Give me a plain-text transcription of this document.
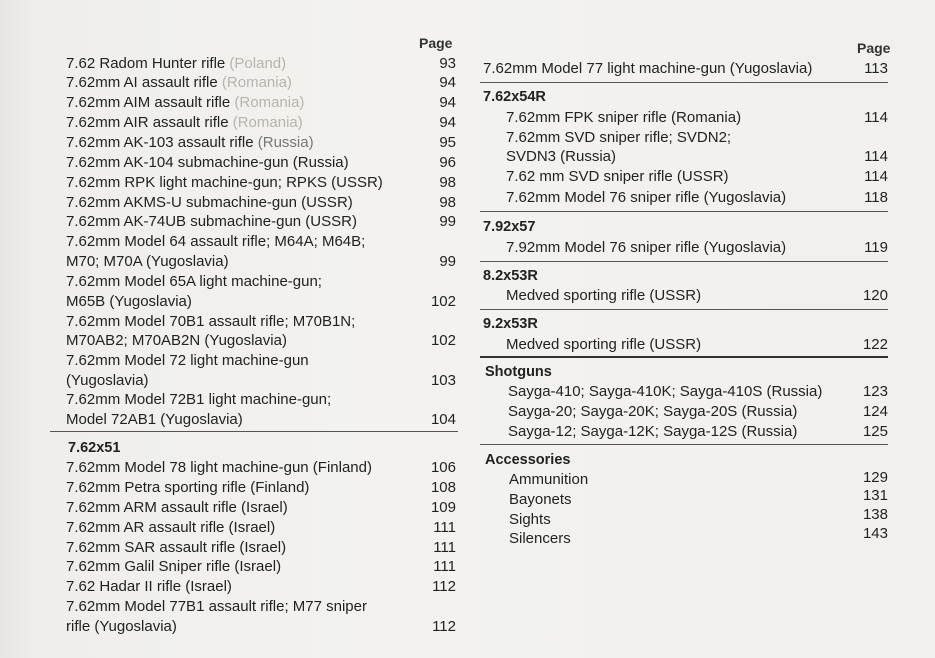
Page
7.62 Radom Hunter rifle (Poland)	93
7.62mm AI assault rifle (Romania)	94
7.62mm AIM assault rifle (Romania)	94
7.62mm AIR assault rifle (Romania)	94
7.62mm AK-103 assault rifle (Russia)	95
7.62mm AK-104 submachine-gun (Russia)	96
7.62mm RPK light machine-gun; RPKS (USSR)	98
7.62mm AKMS-U submachine-gun (USSR)	98
7.62mm AK-74UB submachine-gun (USSR)	99
7.62mm Model 64 assault rifle; M64A; M64B;
M70; M70A (Yugoslavia)	99
7.62mm Model 65A light machine-gun;
M65B (Yugoslavia)	102
7.62mm Model 70B1 assault rifle; M70B1N;
M70AB2; M70AB2N (Yugoslavia)	102
7.62mm Model 72 light machine-gun
(Yugoslavia)	103
7.62mm Model 72B1 light machine-gun;
Model 72AB1 (Yugoslavia)	104
7.62x51
7.62mm Model 78 light machine-gun (Finland)	106
7.62mm Petra sporting rifle (Finland)	108
7.62mm ARM assault rifle (Israel)	109
7.62mm AR assault rifle (Israel)	111
7.62mm SAR assault rifle (Israel)	111
7.62mm Galil Sniper rifle (Israel)	111
7.62 Hadar II rifle (Israel)	112
7.62mm Model 77B1 assault rifle; M77 sniper
rifle (Yugoslavia)	112
Page
7.62mm Model 77 light machine-gun (Yugoslavia)	113
7.62x54R
7.62mm FPK sniper rifle (Romania)	114
7.62mm SVD sniper rifle; SVDN2;
SVDN3 (Russia)	114
7.62 mm SVD sniper rifle (USSR)	114
7.62mm Model 76 sniper rifle (Yugoslavia)	118
7.92x57
7.92mm Model 76 sniper rifle (Yugoslavia)	119
8.2x53R
Medved sporting rifle (USSR)	120
9.2x53R
Medved sporting rifle (USSR)	122
Shotguns
Sayga-410; Sayga-410K; Sayga-410S (Russia)	123
Sayga-20; Sayga-20K; Sayga-20S (Russia)	124
Sayga-12; Sayga-12K; Sayga-12S (Russia)	125
Accessories
Ammunition	129
Bayonets	131
Sights	138
Silencers	143
